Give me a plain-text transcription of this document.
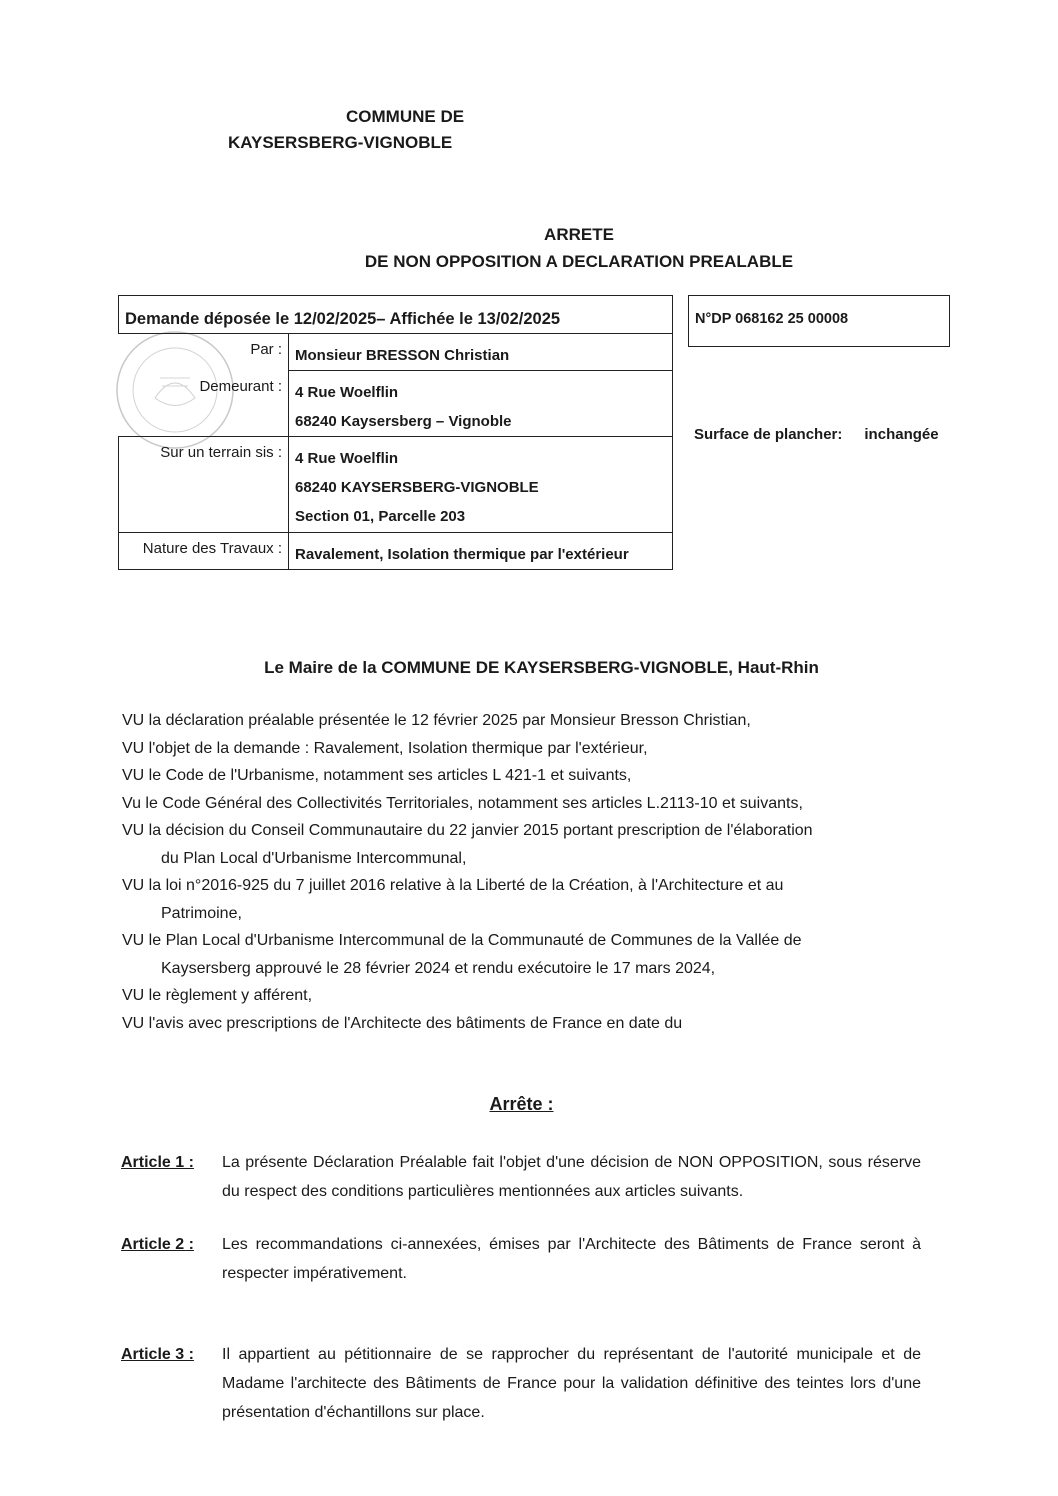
COMMUNE DE
KAYSERSBERG-VIGNOBLE
ARRETE
DE NON OPPOSITION A DECLARATION PREALABLE
Demande déposée le 12/02/2025– Affichée le 13/02/2025	
Par :	Monsieur BRESSON Christian
Demeurant :	4 Rue Woelflin
68240 Kaysersberg – Vignoble

Sur un terrain sis :	4 Rue Woelflin
68240 KAYSERSBERG-VIGNOBLE
Section 01, Parcelle 203

Nature des Travaux :	Ravalement, Isolation thermique par l'extérieur
N°DP 068162 25 00008
Surface de plancher: inchangée
Le Maire de la COMMUNE DE KAYSERSBERG-VIGNOBLE, Haut-Rhin

VU la déclaration préalable présentée le 12 février 2025 par Monsieur Bresson Christian,

VU l'objet de la demande : Ravalement, Isolation thermique par l'extérieur,

VU le Code de l'Urbanisme, notamment ses articles L 421-1 et suivants,

Vu le Code Général des Collectivités Territoriales, notamment ses articles L.2113-10 et suivants,

VU la décision du Conseil Communautaire du 22 janvier 2015 portant prescription de l'élaboration

du Plan Local d'Urbanisme Intercommunal,

VU la loi n°2016-925 du 7 juillet 2016 relative à la Liberté de la Création, à l'Architecture et au

Patrimoine,

VU le Plan Local d'Urbanisme Intercommunal de la Communauté de Communes de la Vallée de

Kaysersberg approuvé le 28 février 2024 et rendu exécutoire le 17 mars 2024,

VU le règlement y afférent,

VU l'avis avec prescriptions de l'Architecte des bâtiments de France en date du

Arrête :
Article 1 :	La présente Déclaration Préalable fait l'objet d'une décision de NON OPPOSITION, sous réserve du respect des conditions particulières mentionnées aux articles suivants.
Article 2 :	Les recommandations ci-annexées, émises par l'Architecte des Bâtiments de France seront à respecter impérativement.
Article 3 :	Il appartient au pétitionnaire de se rapprocher du représentant de l'autorité municipale et de Madame l'architecte des Bâtiments de France pour la validation définitive des teintes lors d'une présentation d'échantillons sur place.
